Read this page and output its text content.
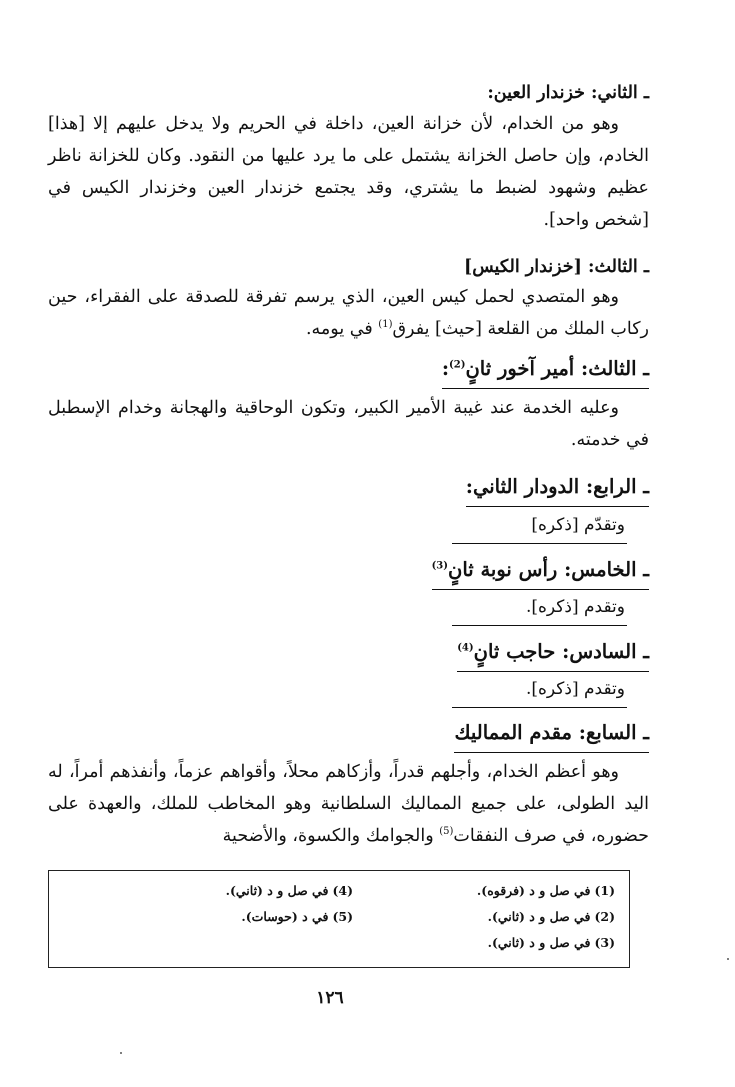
ـ الثاني: خزندار العين:
وهو من الخدام، لأن خزانة العين، داخلة في الحريم ولا يدخل عليهم إلا [هذا] الخادم، وإن حاصل الخزانة يشتمل على ما يرد عليها من النقود. وكان للخزانة ناظر عظيم وشهود لضبط ما يشتري، وقد يجتمع خزندار العين وخزندار الكيس في [شخص واحد].
ـ الثالث: [خزندار الكيس]
وهو المتصدي لحمل كيس العين، الذي يرسم تفرقة للصدقة على الفقراء، حين ركاب الملك من القلعة [حيث] يفرق$^{(1)}$ في يومه.
ـ الثالث: أمير آخور ثانٍ$^{(2)}$:
وعليه الخدمة عند غيبة الأمير الكبير، وتكون الوحاقية والهجانة وخدام الإسطبل في خدمته.
ـ الرابع: الدودار الثاني:
وتقدّم [ذكره]
ـ الخامس: رأس نوبة ثانٍ$^{(3)}$
وتقدم [ذكره].
ـ السادس: حاجب ثانٍ$^{(4)}$
وتقدم [ذكره].
ـ السابع: مقدم المماليك
وهو أعظم الخدام، وأجلهم قدراً، وأزكاهم محلاً، وأقواهم عزماً، وأنفذهم أمراً، له اليد الطولى، على جميع المماليك السلطانية وهو المخاطب للملك، والعهدة على حضوره، في صرف النفقات$^{(5)}$ والجوامك والكسوة، والأضحية
(1)في صل و د (فرقوه).
(2)في صل و د (ثاني).
(3)في صل و د (ثاني).
(4)في صل و د (ثاني).
(5)في د (حوسات).
١٢٦
